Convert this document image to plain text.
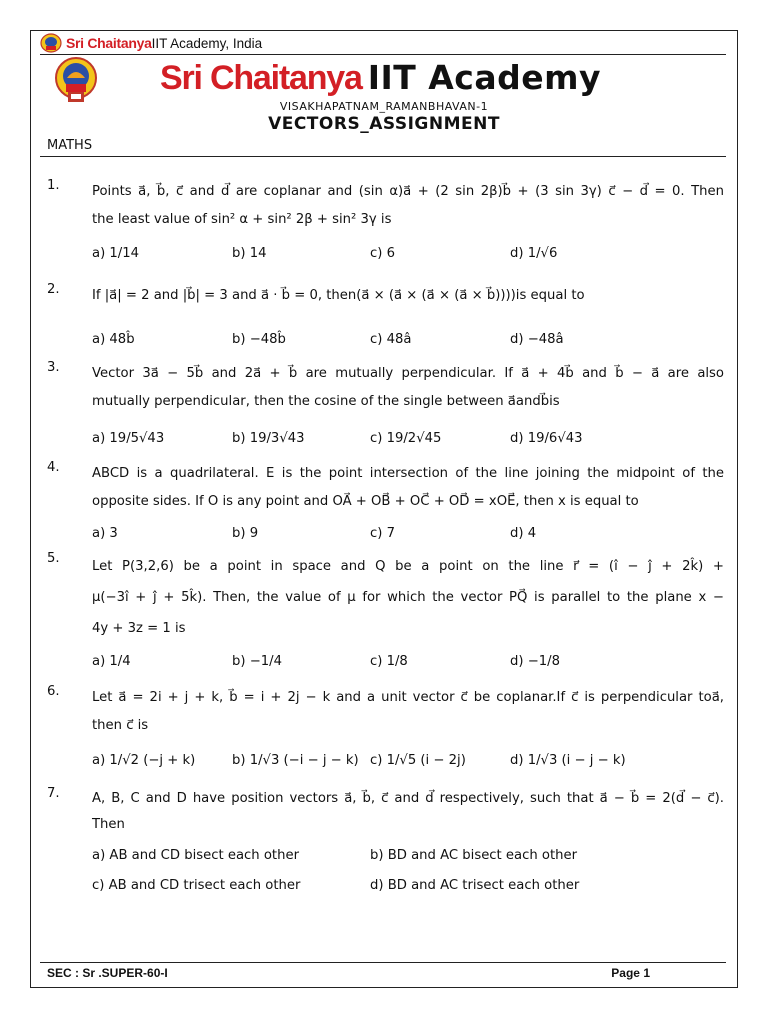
Sri Chaitanya IIT Academy, India
Sri Chaitanya IIT Academy
VISAKHAPATNAM_RAMANBHAVAN-1
VECTORS_ASSIGNMENT
MATHS
1. Points a⃗, b⃗, c⃗ and d⃗ are coplanar and (sin α)a⃗ + (2 sin 2β)b⃗ + (3 sin 3γ) c⃗ − d⃗ = 0. Then
the least value of sin² α + sin² 2β + sin² 3γ is
a) 1/14	b) 14	c) 6	d) 1/√6
2. If |a⃗| = 2 and |b⃗| = 3 and a⃗ · b⃗ = 0, then(a⃗ × (a⃗ × (a⃗ × (a⃗ × b⃗))))is equal to
a) 48b̂	b) −48b̂	c) 48â	d) −48â
3. Vector 3a⃗ − 5b⃗ and 2a⃗ + b⃗ are mutually perpendicular. If a⃗ + 4b⃗ and b⃗ − a⃗ are also
mutually perpendicular, then the cosine of the single between a⃗andb⃗is
a) 19/5√43	b) 19/3√43	c) 19/2√45	d) 19/6√43
4. ABCD is a quadrilateral. E is the point intersection of the line joining the midpoint of the
opposite sides. If O is any point and OA⃗ + OB⃗ + OC⃗ + OD⃗ = xOE⃗, then x is equal to
a) 3	b) 9	c) 7	d) 4
5.
Let P(3,2,6) be a point in space and Q be a point on the line r⃗ = (î − ĵ + 2k̂) +
μ(−3î + ĵ + 5k̂). Then, the value of μ for which the vector PQ⃗ is parallel to the plane x −
4y + 3z = 1 is
a) 1/4	b) −1/4	c) 1/8	d) −1/8
6. Let a⃗ = 2i + j + k, b⃗ = i + 2j − k and a unit vector c⃗ be coplanar.If c⃗ is perpendicular toa⃗,
then c⃗ is
a) 1/√2 (−j + k)	b) 1/√3 (−i − j − k) c) 1/√5 (i − 2j)	d) 1/√3 (i − j − k)
7. A, B, C and D have position vectors a⃗, b⃗, c⃗ and d⃗ respectively, such that a⃗ − b⃗ = 2(d⃗ − c⃗).
Then
a) AB and CD bisect each other	b) BD and AC bisect each other
c) AB and CD trisect each other	d) BD and AC trisect each other
SEC : Sr .SUPER-60-I	Page 1
